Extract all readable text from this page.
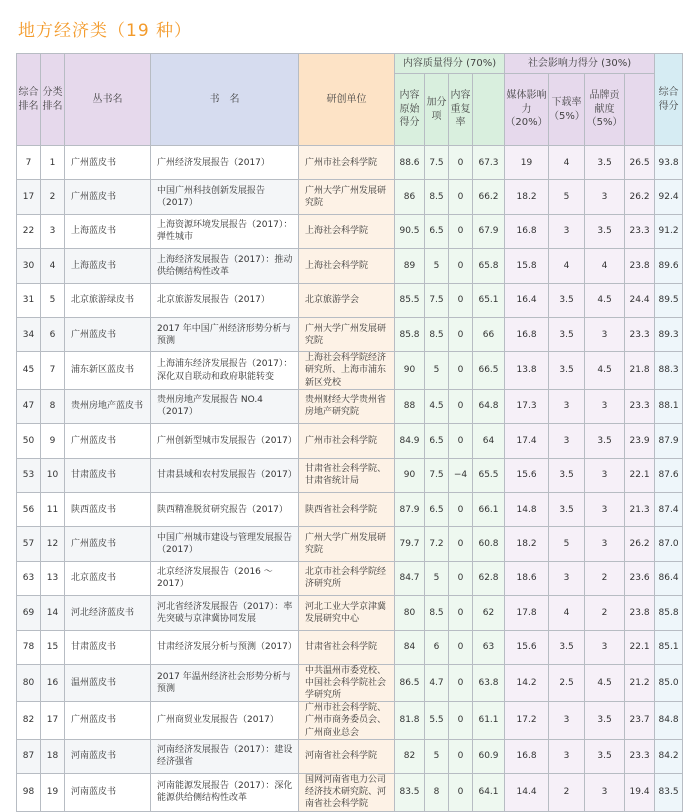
地方经济类（19 种）
综合排名	分类排名	丛书名	书　名	研创单位	内容质量得分 (70%)				社会影响力得分 (30%)				综合得分
					内容原始得分	加分项	内容重复率		媒体影响力（20%）	下载率（5%）	品牌贡献度（5%）		
7	1	广州蓝皮书	广州经济发展报告（2017）	广州市社会科学院	88.6	7.5	0	67.3	19	4	3.5	26.5	93.8
17	2	广州蓝皮书	中国广州科技创新发展报告（2017）	广州大学广州发展研究院	86	8.5	0	66.2	18.2	5	3	26.2	92.4
22	3	上海蓝皮书	上海资源环境发展报告（2017）：弹性城市	上海社会科学院	90.5	6.5	0	67.9	16.8	3	3.5	23.3	91.2
30	4	上海蓝皮书	上海经济发展报告（2017）：推动供给侧结构性改革	上海社会科学院	89	5	0	65.8	15.8	4	4	23.8	89.6
31	5	北京旅游绿皮书	北京旅游发展报告（2017）	北京旅游学会	85.5	7.5	0	65.1	16.4	3.5	4.5	24.4	89.5
34	6	广州蓝皮书	2017 年中国广州经济形势分析与预测	广州大学广州发展研究院	85.8	8.5	0	66	16.8	3.5	3	23.3	89.3
45	7	浦东新区蓝皮书	上海浦东经济发展报告（2017）：深化双自联动和政府职能转变	上海社会科学院经济研究所、上海市浦东新区党校	90	5	0	66.5	13.8	3.5	4.5	21.8	88.3
47	8	贵州房地产蓝皮书	贵州房地产发展报告 NO.4（2017）	贵州财经大学贵州省房地产研究院	88	4.5	0	64.8	17.3	3	3	23.3	88.1
50	9	广州蓝皮书	广州创新型城市发展报告（2017）	广州市社会科学院	84.9	6.5	0	64	17.4	3	3.5	23.9	87.9
53	10	甘肃蓝皮书	甘肃县域和农村发展报告（2017）	甘肃省社会科学院、甘肃省统计局	90	7.5	−4	65.5	15.6	3.5	3	22.1	87.6
56	11	陕西蓝皮书	陕西精准脱贫研究报告（2017）	陕西省社会科学院	87.9	6.5	0	66.1	14.8	3.5	3	21.3	87.4
57	12	广州蓝皮书	中国广州城市建设与管理发展报告（2017）	广州大学广州发展研究院	79.7	7.2	0	60.8	18.2	5	3	26.2	87.0
63	13	北京蓝皮书	北京经济发展报告（2016 ～ 2017）	北京市社会科学院经济研究所	84.7	5	0	62.8	18.6	3	2	23.6	86.4
69	14	河北经济蓝皮书	河北省经济发展报告（2017）：率先突破与京津冀协同发展	河北工业大学京津冀发展研究中心	80	8.5	0	62	17.8	4	2	23.8	85.8
78	15	甘肃蓝皮书	甘肃经济发展分析与预测（2017）	甘肃省社会科学院	84	6	0	63	15.6	3.5	3	22.1	85.1
80	16	温州蓝皮书	2017 年温州经济社会形势分析与预测	中共温州市委党校、中国社会科学院社会学研究所	86.5	4.7	0	63.8	14.2	2.5	4.5	21.2	85.0
82	17	广州蓝皮书	广州商贸业发展报告（2017）	广州市社会科学院、广州市商务委员会、广州商业总会	81.8	5.5	0	61.1	17.2	3	3.5	23.7	84.8
87	18	河南蓝皮书	河南经济发展报告（2017）：建设经济强省	河南省社会科学院	82	5	0	60.9	16.8	3	3.5	23.3	84.2
98	19	河南蓝皮书	河南能源发展报告（2017）：深化能源供给侧结构性改革	国网河南省电力公司经济技术研究院、河南省社会科学院	83.5	8	0	64.1	14.4	2	3	19.4	83.5
